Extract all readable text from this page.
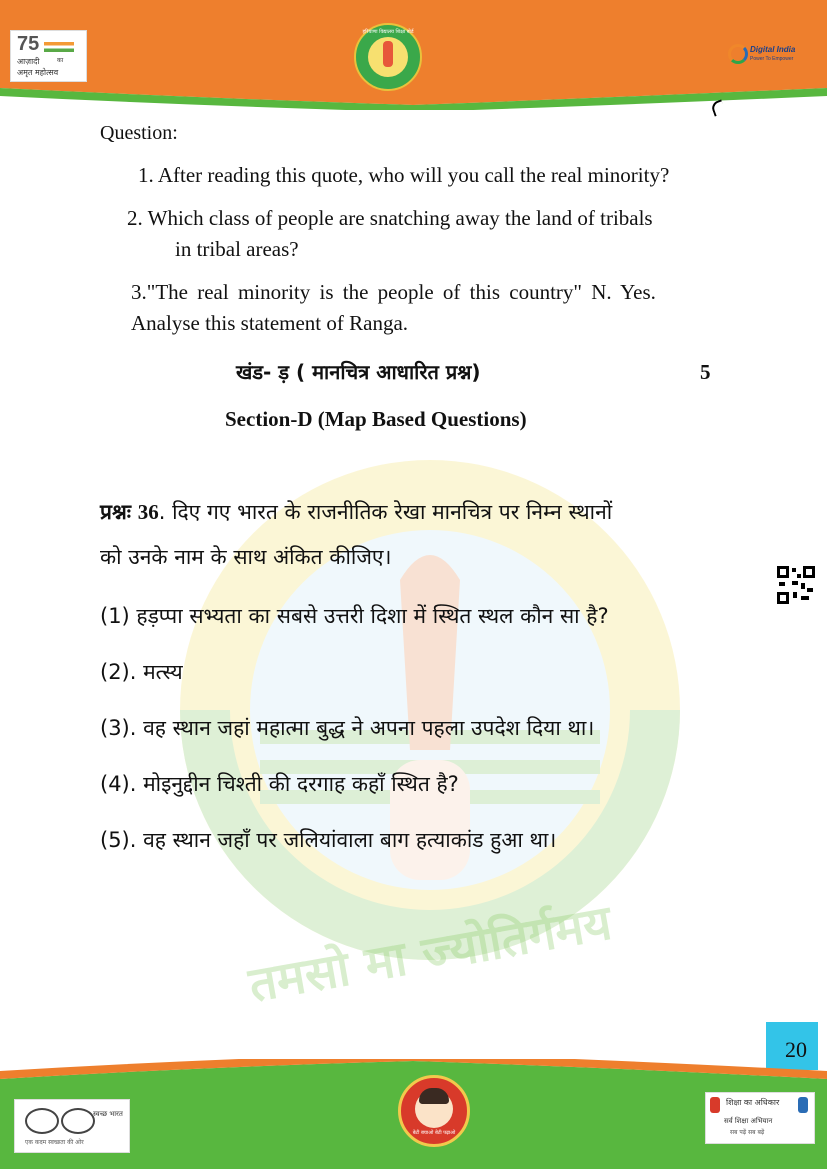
75
आज़ादी	का
अमृत महोत्सव
हरियाणा विद्यालय शिक्षा बोर्ड
Digital India
Power To Empower
तमसो मा ज्योतिर्गमय
Question:
1. After reading this quote, who will you call the real minority?
2. Which class of people are snatching away the land of tribals
in tribal areas?
3."The real minority is the people of this country" N. Yes.
Analyse this statement of Ranga.
खंड- ड़ ( मानचित्र आधारित प्रश्न)	5
Section-D (Map Based Questions)
प्रश्नः 36. दिए गए भारत के राजनीतिक रेखा मानचित्र पर निम्न स्थानों
को उनके नाम के साथ अंकित कीजिए।
(1) हड़प्पा सभ्यता का सबसे उत्तरी दिशा में स्थित स्थल कौन सा है?
(2). मत्स्य
(3). वह स्थान जहां महात्मा बुद्ध ने अपना पहला उपदेश दिया था।
(4). मोइनुद्दीन चिश्ती की दरगाह कहाँ स्थित है?
(5). वह स्थान जहाँ पर जलियांवाला बाग हत्याकांड हुआ था।
20
स्वच्छ भारत
एक कदम स्वच्छता की ओर
बेटी बचाओ बेटी पढ़ाओ
शिक्षा का अधिकार
सर्व शिक्षा अभियान
सब पढ़ें सब बढ़ें
